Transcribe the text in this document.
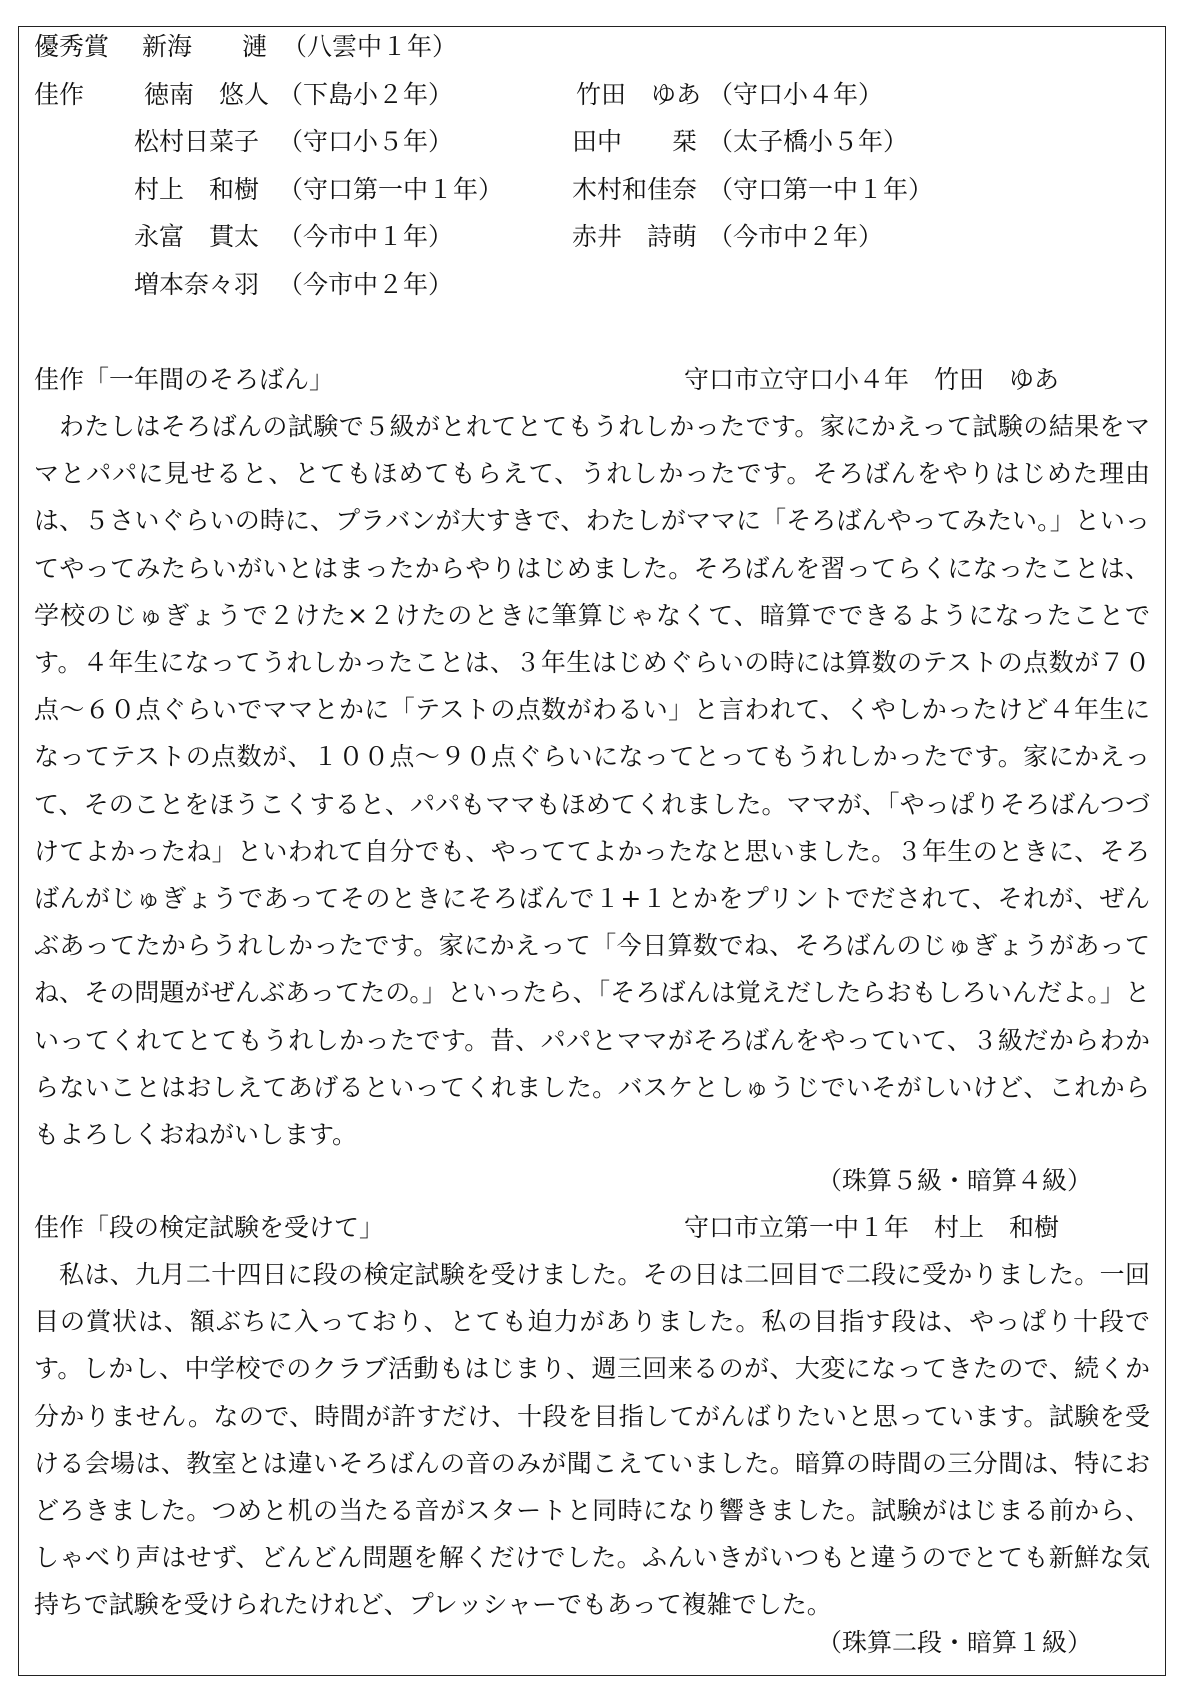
優秀賞 新海　　漣 （八雲中１年）
佳作 徳南　悠人 （下島小２年）	竹田　ゆあ （守口小４年）
松村日菜子 （守口小５年）	田中　　栞 （太子橋小５年）
村上　和樹 （守口第一中１年）	木村和佳奈 （守口第一中１年）
永富　貫太 （今市中１年）	赤井　詩萌 （今市中２年）
増本奈々羽 （今市中２年）
佳作「一年間のそろばん」	守口市立守口小４年　竹田　ゆあ

わたしはそろばんの試験で５級がとれてとてもうれしかったです。家にかえって試験の結果をママとパパに見せると、とてもほめてもらえて、うれしかったです。そろばんをやりはじめた理由は、５さいぐらいの時に、プラバンが大すきで、わたしがママに「そろばんやってみたい。」といってやってみたらいがいとはまったからやりはじめました。そろばんを習ってらくになったことは、学校のじゅぎょうで２けた×２けたのときに筆算じゃなくて、暗算でできるようになったことです。４年生になってうれしかったことは、３年生はじめぐらいの時には算数のテストの点数が７０点～６０点ぐらいでママとかに「テストの点数がわるい」と言われて、くやしかったけど４年生になってテストの点数が、１００点～９０点ぐらいになってとってもうれしかったです。家にかえって、そのことをほうこくすると、パパもママもほめてくれました。ママが、「やっぱりそろばんつづけてよかったね」といわれて自分でも、やっててよかったなと思いました。３年生のときに、そろばんがじゅぎょうであってそのときにそろばんで１+１とかをプリントでだされて、それが、ぜんぶあってたからうれしかったです。家にかえって「今日算数でね、そろばんのじゅぎょうがあってね、その問題がぜんぶあってたの。」といったら、「そろばんは覚えだしたらおもしろいんだよ。」といってくれてとてもうれしかったです。昔、パパとママがそろばんをやっていて、３級だからわからないことはおしえてあげるといってくれました。バスケとしゅうじでいそがしいけど、これからもよろしくおねがいします。

（珠算５級・暗算４級）
佳作「段の検定試験を受けて」	守口市立第一中１年　村上　和樹

私は、九月二十四日に段の検定試験を受けました。その日は二回目で二段に受かりました。一回目の賞状は、額ぶちに入っており、とても迫力がありました。私の目指す段は、やっぱり十段です。しかし、中学校でのクラブ活動もはじまり、週三回来るのが、大変になってきたので、続くか分かりません。なので、時間が許すだけ、十段を目指してがんばりたいと思っています。試験を受ける会場は、教室とは違いそろばんの音のみが聞こえていました。暗算の時間の三分間は、特におどろきました。つめと机の当たる音がスタートと同時になり響きました。試験がはじまる前から、しゃべり声はせず、どんどん問題を解くだけでした。ふんいきがいつもと違うのでとても新鮮な気持ちで試験を受けられたけれど、プレッシャーでもあって複雑でした。

（珠算二段・暗算１級）
